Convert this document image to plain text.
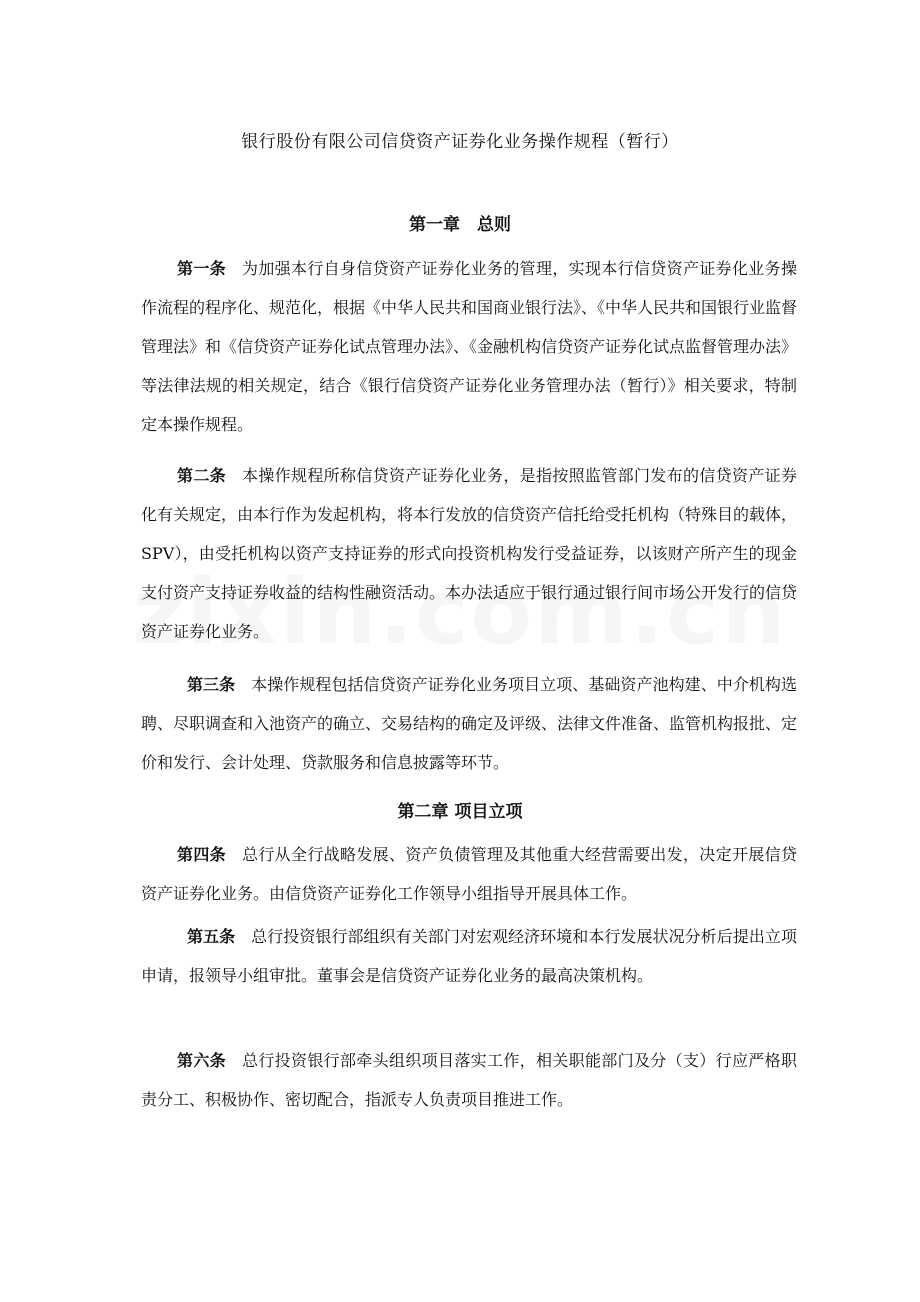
银行股份有限公司信贷资产证券化业务操作规程（暂行）
第一章　总则

第一条 为加强本行自身信贷资产证券化业务的管理，实现本行信贷资产证券化业务操作流程的程序化、规范化，根据《中华人民共和国商业银行法》、《中华人民共和国银行业监督管理法》和《信贷资产证券化试点管理办法》、《金融机构信贷资产证券化试点监督管理办法》等法律法规的相关规定，结合《银行信贷资产证券化业务管理办法（暂行）》相关要求，特制定本操作规程。

第二条 本操作规程所称信贷资产证券化业务，是指按照监管部门发布的信贷资产证券化有关规定，由本行作为发起机构，将本行发放的信贷资产信托给受托机构（特殊目的载体，SPV），由受托机构以资产支持证券的形式向投资机构发行受益证券，以该财产所产生的现金支付资产支持证券收益的结构性融资活动。本办法适应于银行通过银行间市场公开发行的信贷资产证券化业务。

第三条 本操作规程包括信贷资产证券化业务项目立项、基础资产池构建、中介机构选聘、尽职调查和入池资产的确立、交易结构的确定及评级、法律文件准备、监管机构报批、定价和发行、会计处理、贷款服务和信息披露等环节。

第二章 项目立项

第四条 总行从全行战略发展、资产负债管理及其他重大经营需要出发，决定开展信贷资产证券化业务。由信贷资产证券化工作领导小组指导开展具体工作。

第五条 总行投资银行部组织有关部门对宏观经济环境和本行发展状况分析后提出立项申请，报领导小组审批。董事会是信贷资产证券化业务的最高决策机构。

第六条 总行投资银行部牵头组织项目落实工作，相关职能部门及分（支）行应严格职责分工、积极协作、密切配合，指派专人负责项目推进工作。
